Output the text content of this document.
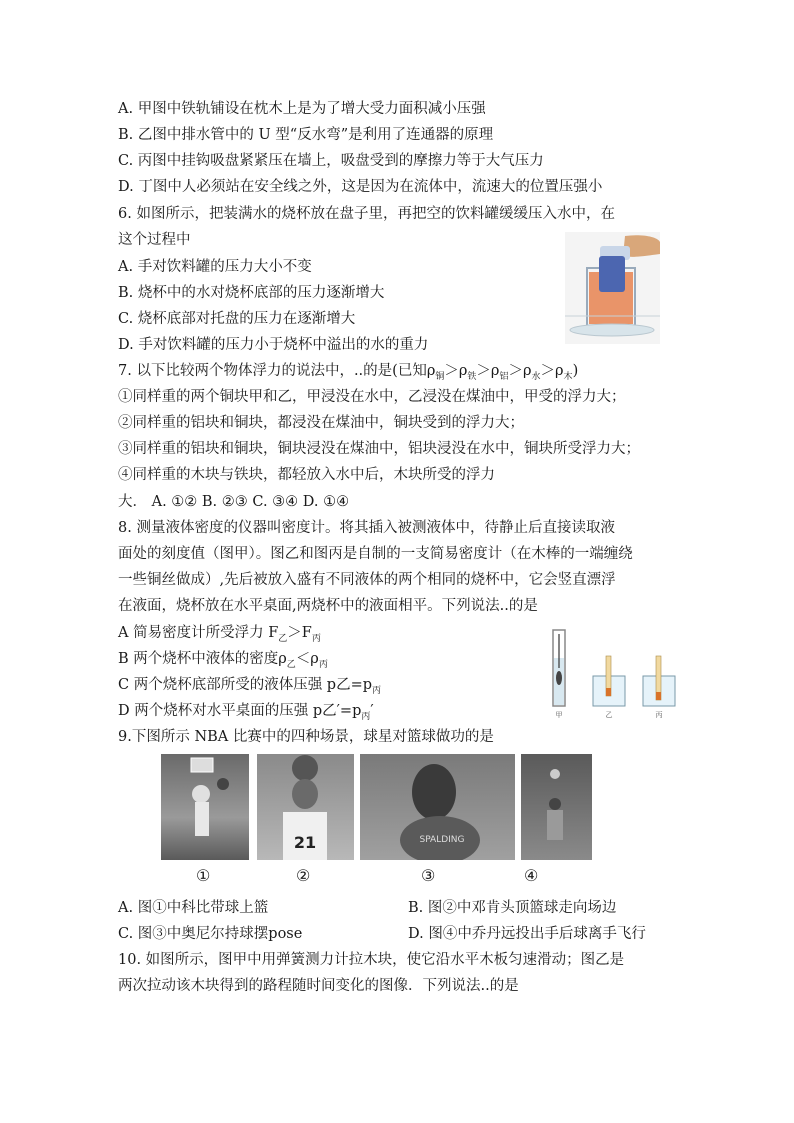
A. 甲图中铁轨铺设在枕木上是为了增大受力面积减小压强
B. 乙图中排水管中的 U 型“反水弯”是利用了连通器的原理
C. 丙图中挂钩吸盘紧紧压在墙上，吸盘受到的摩擦力等于大气压力
D. 丁图中人必须站在安全线之外，这是因为在流体中，流速大的位置压强小
6. 如图所示，把装满水的烧杯放在盘子里，再把空的饮料罐缓缓压入水中，在
这个过程中
A. 手对饮料罐的压力大小不变
B. 烧杯中的水对烧杯底部的压力逐渐增大
C. 烧杯底部对托盘的压力在逐渐增大
D. 手对饮料罐的压力小于烧杯中溢出的水的重力
7. 以下比较两个物体浮力的说法中，..的是(已知$\rho_铜>\rho_铁>\rho_铝>\rho_水>\rho_木$)
①同样重的两个铜块甲和乙，甲浸没在水中，乙浸没在煤油中，甲受的浮力大；
②同样重的铝块和铜块，都浸没在煤油中，铜块受到的浮力大；
③同样重的铝块和铜块，铜块浸没在煤油中，铝块浸没在水中，铜块所受浮力大；
④同样重的木块与铁块，都轻放入水中后，木块所受的浮力
大． A. ①② B. ②③ C. ③④ D. ①④
8. 测量液体密度的仪器叫密度计。将其插入被测液体中，待静止后直接读取液
面处的刻度值（图甲）。图乙和图丙是自制的一支简易密度计（在木棒的一端缠绕
一些铜丝做成）,先后被放入盛有不同液体的两个相同的烧杯中，它会竖直漂浮
在液面，烧杯放在水平桌面,两烧杯中的液面相平。下列说法..的是
A 简易密度计所受浮力 $F_乙>F_丙$
B 两个烧杯中液体的密度$\rho_乙<\rho_丙$
C 两个烧杯底部所受的液体压强 p乙$=p_丙$
D 两个烧杯对水平桌面的压强 p乙$'=p_丙'$	甲	乙	丙
9.下图所示 NBA 比赛中的四种场景，球星对篮球做功的是
21	SPALDING
①	②	③	④
A. 图①中科比带球上篮	B. 图②中邓肯头顶篮球走向场边
C. 图③中奥尼尔持球摆pose	D. 图④中乔丹远投出手后球离手飞行
10. 如图所示，图甲中用弹簧测力计拉木块，使它沿水平木板匀速滑动；图乙是
两次拉动该木块得到的路程随时间变化的图像．下列说法..的是
